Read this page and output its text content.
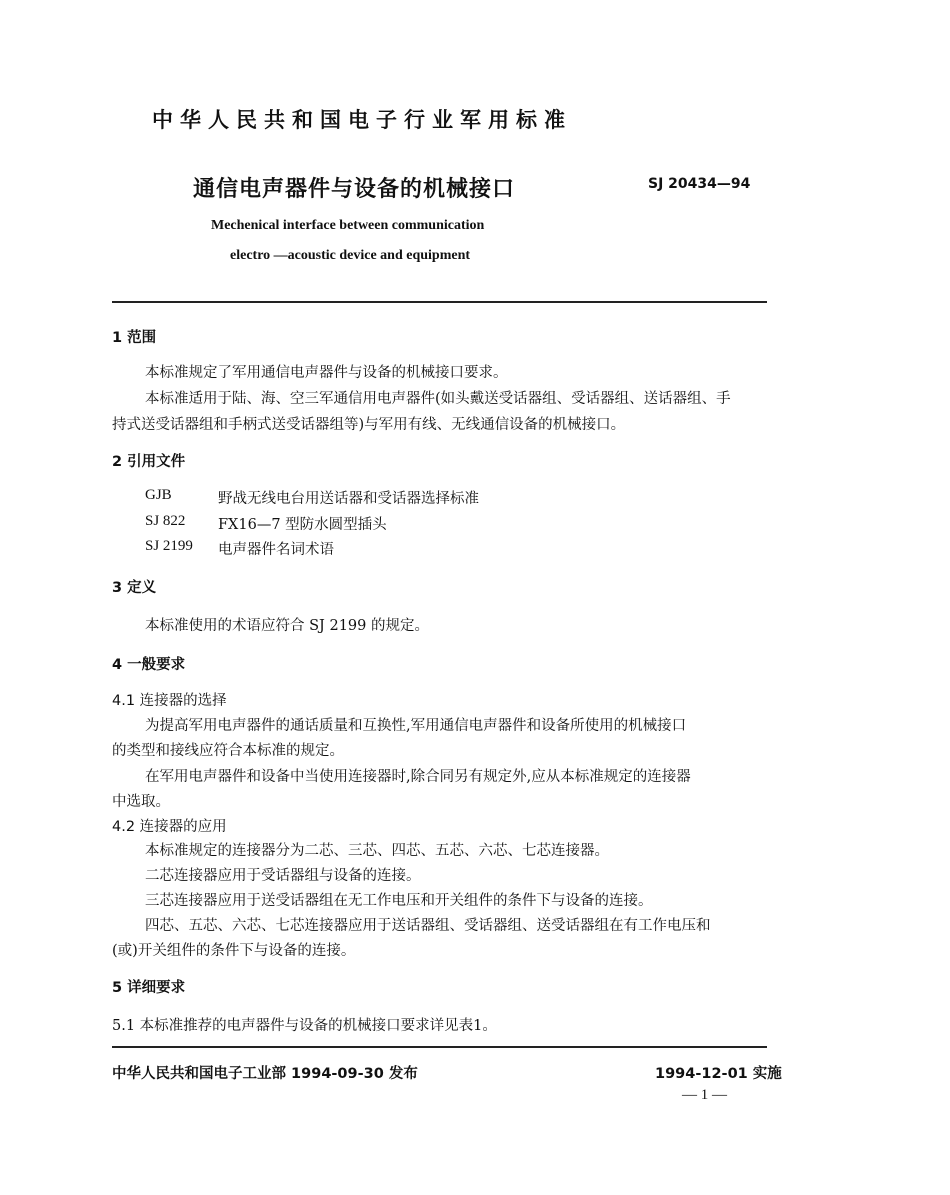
中华人民共和国电子行业军用标准
通信电声器件与设备的机械接口	SJ 20434—94
Mechenical interface between communication
electro —acoustic device and equipment
1 范围
本标准规定了军用通信电声器件与设备的机械接口要求。
本标准适用于陆、海、空三军通信用电声器件(如头戴送受话器组、受话器组、送话器组、手
持式送受话器组和手柄式送受话器组等)与军用有线、无线通信设备的机械接口。
2 引用文件
GJB	野战无线电台用送话器和受话器选择标准
SJ 822 FX16—7 型防水圆型插头
SJ 2199 电声器件名词术语
3 定义
本标准使用的术语应符合 SJ 2199 的规定。
4 一般要求
4.1 连接器的选择
为提高军用电声器件的通话质量和互换性,军用通信电声器件和设备所使用的机械接口
的类型和接线应符合本标准的规定。
在军用电声器件和设备中当使用连接器时,除合同另有规定外,应从本标准规定的连接器
中选取。
4.2 连接器的应用
本标准规定的连接器分为二芯、三芯、四芯、五芯、六芯、七芯连接器。
二芯连接器应用于受话器组与设备的连接。
三芯连接器应用于送受话器组在无工作电压和开关组件的条件下与设备的连接。
四芯、五芯、六芯、七芯连接器应用于送话器组、受话器组、送受话器组在有工作电压和
(或)开关组件的条件下与设备的连接。
5 详细要求
5.1 本标准推荐的电声器件与设备的机械接口要求详见表1。
中华人民共和国电子工业部 1994-09-30 发布	1994-12-01 实施
— 1 —
